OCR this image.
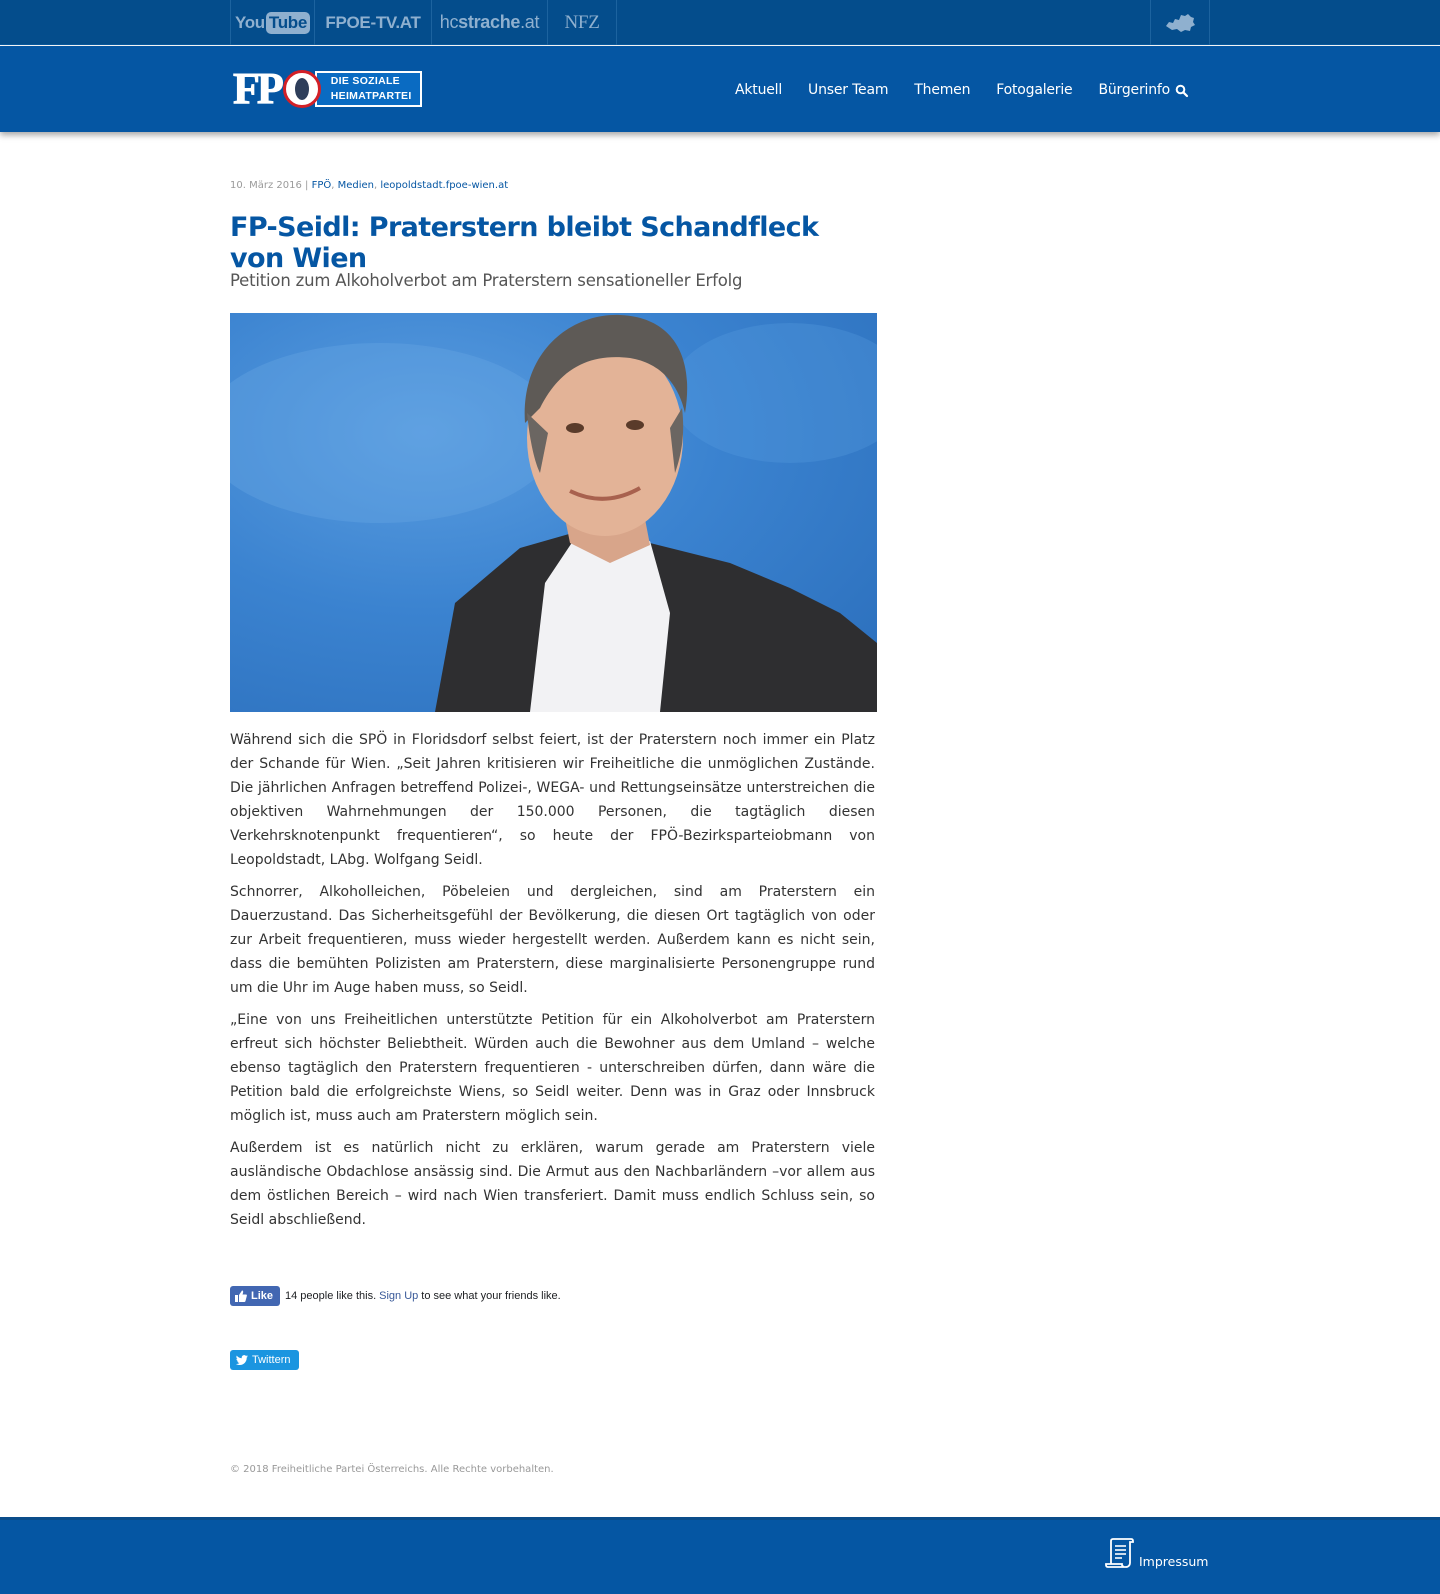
You Tube FPOE-TV.AT hcstrache.at NFZ
FP	DIE SOZIALE
HEIMATPARTEI	Aktuell Unser Team Themen Fotogalerie Bürgerinfo
10. März 2016 | FPÖ, Medien, leopoldstadt.fpoe-wien.at
FP-Seidl: Praterstern bleibt Schandfleck von Wien
Petition zum Alkoholverbot am Praterstern sensationeller Erfolg

Während sich die SPÖ in Floridsdorf selbst feiert, ist der Praterstern noch immer ein Platz der Schande für Wien. „Seit Jahren kritisieren wir Freiheitliche die unmöglichen Zustände. Die jährlichen Anfragen betreffend Polizei-, WEGA- und Rettungseinsätze unterstreichen die objektiven Wahrnehmungen der 150.000 Personen, die tagtäglich diesen Verkehrsknotenpunkt frequentieren“, so heute der FPÖ-Bezirksparteiobmann von Leopoldstadt, LAbg. Wolfgang Seidl.

Schnorrer, Alkoholleichen, Pöbeleien und dergleichen, sind am Praterstern ein Dauerzustand. Das Sicherheitsgefühl der Bevölkerung, die diesen Ort tagtäglich von oder zur Arbeit frequentieren, muss wieder hergestellt werden. Außerdem kann es nicht sein, dass die bemühten Polizisten am Praterstern, diese marginalisierte Personengruppe rund um die Uhr im Auge haben muss, so Seidl.

„Eine von uns Freiheitlichen unterstützte Petition für ein Alkoholverbot am Praterstern erfreut sich höchster Beliebtheit. Würden auch die Bewohner aus dem Umland – welche ebenso tagtäglich den Praterstern frequentieren - unterschreiben dürfen, dann wäre die Petition bald die erfolgreichste Wiens, so Seidl weiter. Denn was in Graz oder Innsbruck möglich ist, muss auch am Praterstern möglich sein.

Außerdem ist es natürlich nicht zu erklären, warum gerade am Praterstern viele ausländische Obdachlose ansässig sind. Die Armut aus den Nachbarländern –vor allem aus dem östlichen Bereich – wird nach Wien transferiert. Damit muss endlich Schluss sein, so Seidl abschließend.

Like 14 people like this. Sign Up to see what your friends like.
Twittern
© 2018 Freiheitliche Partei Österreichs. Alle Rechte vorbehalten.
Impressum
